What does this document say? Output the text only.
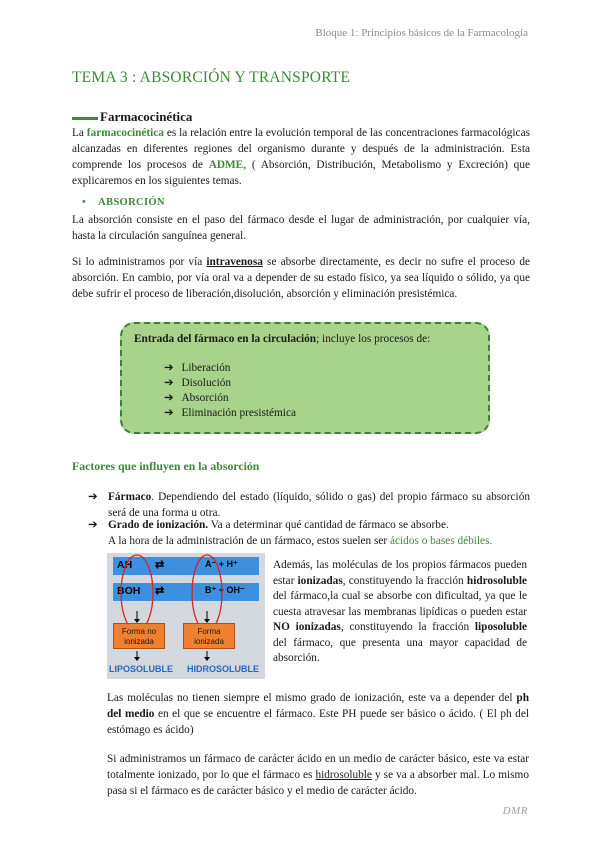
Bloque 1: Principios básicos de la Farmacología
TEMA 3 : ABSORCIÓN Y TRANSPORTE
Farmacocinética
La farmacocinética es la relación entre la evolución temporal de las concentraciones farmacológicas alcanzadas en diferentes regiones del organismo durante y después de la administración. Esta comprende los procesos de ADME, ( Absorción, Distribución, Metabolismo y Excreción) que explicaremos en los siguientes temas.
• ABSORCIÓN
La absorción consiste en el paso del fármaco desde el lugar de administración, por cualquier vía, hasta la circulación sanguínea general.
Si lo administramos por vía intravenosa se absorbe directamente, es decir no sufre el proceso de absorción. En cambio, por vía oral va a depender de su estado físico, ya sea líquido o sólido, ya que debe sufrir el proceso de liberación,disolución, absorción y eliminación presistémica.
Entrada del fármaco en la circulación; incluye los procesos de:
➔ Liberación
➔ Disolución
➔ Absorción
➔ Eliminación presistémica
Factores que influyen en la absorción
➔ Fármaco. Dependiendo del estado (líquido, sólido o gas) del propio fármaco su absorción será de una forma u otra.
➔ Grado de ionización. Va a determinar qué cantidad de fármaco se absorbe.
A la hora de la administración de un fármaco, estos suelen ser ácidos o bases débiles.
AH ⇄	A⁻ + H⁺
BOH ⇄	B⁺ + OH⁻
Forma no ionizada
Forma ionizada
LIPOSOLUBLE HIDROSOLUBLE
Además, las moléculas de los propios fármacos pueden estar ionizadas, constituyendo la fracción hidrosoluble del fármaco,la cual se absorbe con dificultad, ya que le cuesta atravesar las membranas lipídicas o pueden estar NO ionizadas, constituyendo la fracción liposoluble del fármaco, que presenta una mayor capacidad de absorción.
Las moléculas no tienen siempre el mismo grado de ionización, este va a depender del ph del medio en el que se encuentre el fármaco. Este PH puede ser básico o ácido. ( El ph del estómago es ácido)
Si administramos un fármaco de carácter ácido en un medio de carácter básico, este va estar totalmente ionizado, por lo que el fármaco es hidrosoluble y se va a absorber mal. Lo mismo pasa si el fármaco es de carácter básico y el medio de carácter ácido.
DMR
